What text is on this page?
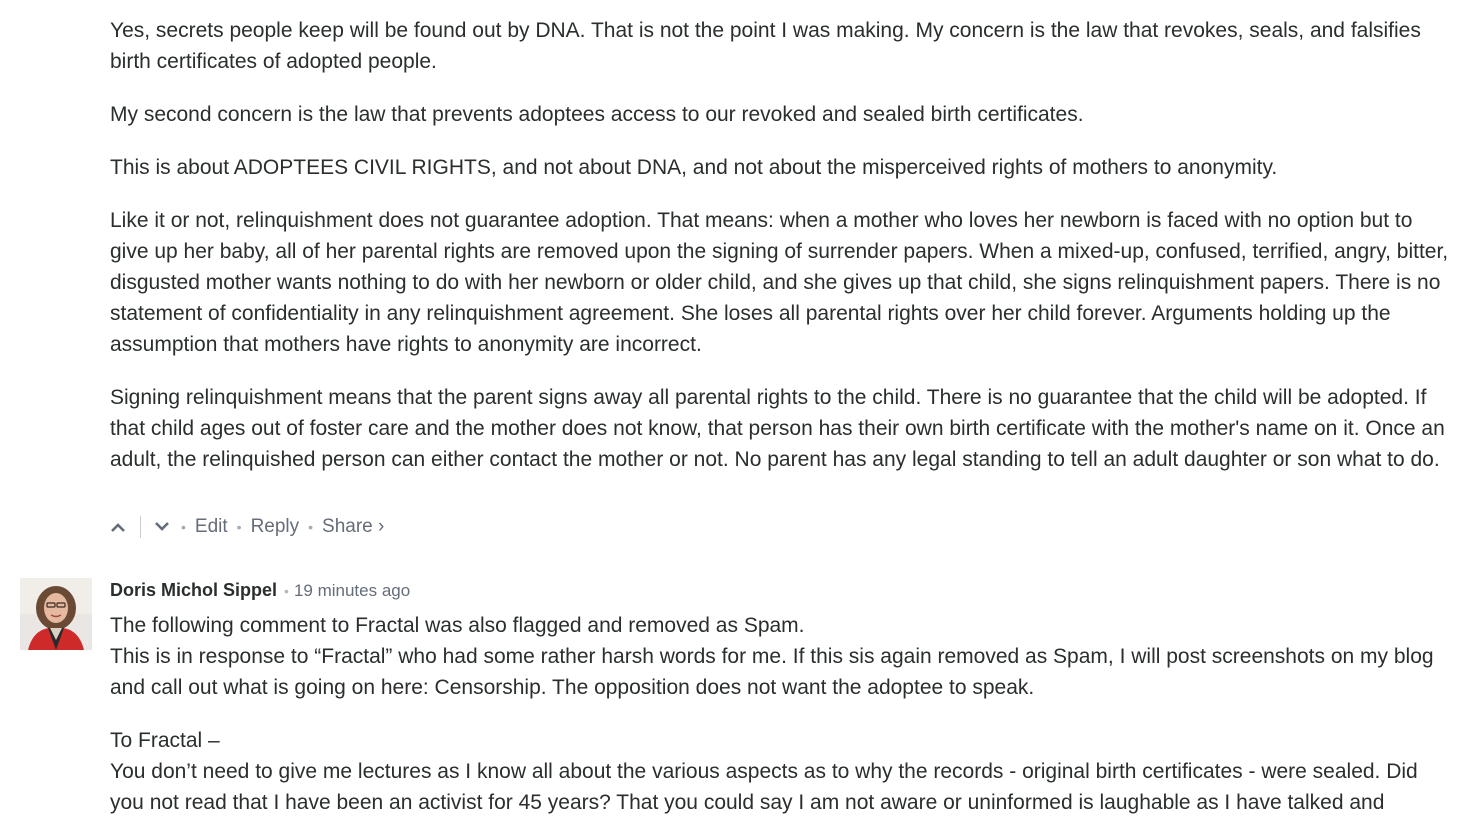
Yes, secrets people keep will be found out by DNA. That is not the point I was making. My concern is the law that revokes, seals, and falsifies birth certificates of adopted people.

My second concern is the law that prevents adoptees access to our revoked and sealed birth certificates.

This is about ADOPTEES CIVIL RIGHTS, and not about DNA, and not about the misperceived rights of mothers to anonymity.

Like it or not, relinquishment does not guarantee adoption. That means: when a mother who loves her newborn is faced with no option but to give up her baby, all of her parental rights are removed upon the signing of surrender papers. When a mixed-up, confused, terrified, angry, bitter, disgusted mother wants nothing to do with her newborn or older child, and she gives up that child, she signs relinquishment papers. There is no statement of confidentiality in any relinquishment agreement. She loses all parental rights over her child forever. Arguments holding up the assumption that mothers have rights to anonymity are incorrect.

Signing relinquishment means that the parent signs away all parental rights to the child. There is no guarantee that the child will be adopted. If that child ages out of foster care and the mother does not know, that person has their own birth certificate with the mother's name on it. Once an adult, the relinquished person can either contact the mother or not. No parent has any legal standing to tell an adult daughter or son what to do.

• Edit • Reply • Share ›
Doris Michol Sippel • 19 minutes ago

The following comment to Fractal was also flagged and removed as Spam.

This is in response to “Fractal” who had some rather harsh words for me. If this sis again removed as Spam, I will post screenshots on my blog and call out what is going on here: Censorship. The opposition does not want the adoptee to speak.

To Fractal –

You don’t need to give me lectures as I know all about the various aspects as to why the records - original birth certificates - were sealed. Did you not read that I have been an activist for 45 years? That you could say I am not aware or uninformed is laughable as I have talked and
